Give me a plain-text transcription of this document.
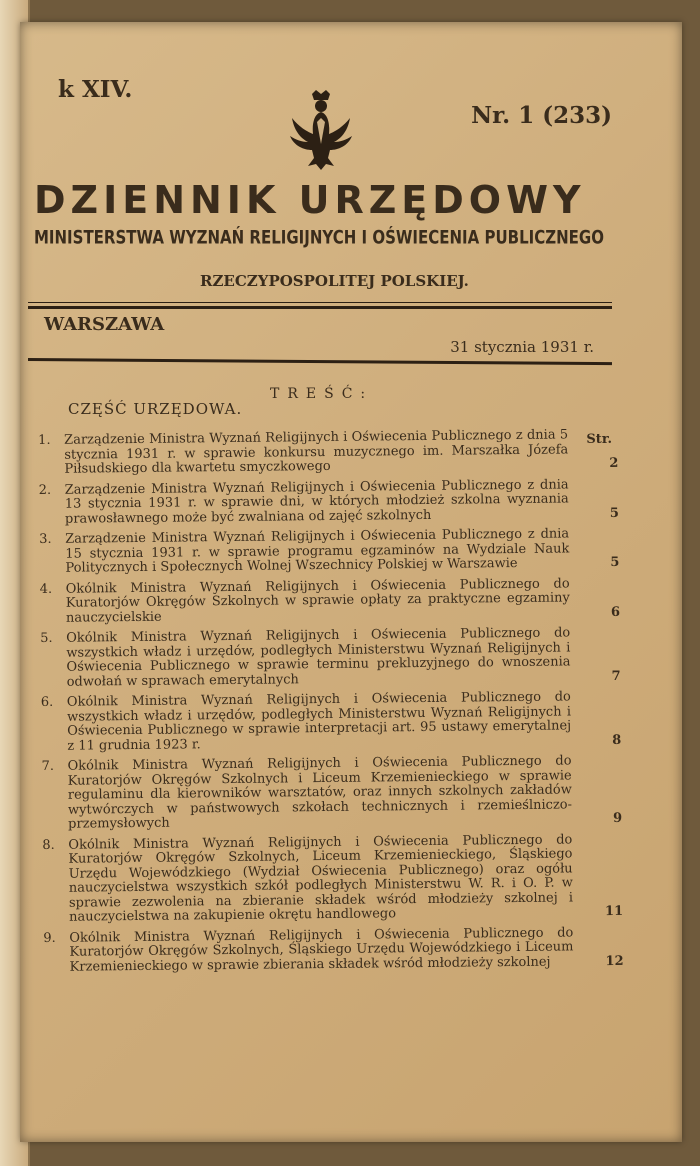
k XIV.
Nr. 1 (233)
DZIENNIK URZĘDOWY
MINISTERSTWA WYZNAŃ RELIGIJNYCH I OŚWIECENIA PUBLICZNEGO
RZECZYPOSPOLITEJ POLSKIEJ.
WARSZAWA
31 stycznia 1931 r.
TREŚĆ:
CZĘŚĆ URZĘDOWA.
Str.
1.	Zarządzenie Ministra Wyznań Religijnych i Oświecenia Publicznego z dnia 5 stycznia 1931 r. w sprawie konkursu muzycznego im. Marszałka Józefa Piłsudskiego dla kwartetu smyczkowego	2
2.	Zarządzenie Ministra Wyznań Religijnych i Oświecenia Publicznego z dnia 13 stycznia 1931 r. w sprawie dni, w których młodzież szkolna wyznania prawosławnego może być zwalniana od zajęć szkolnych	5
3.	Zarządzenie Ministra Wyznań Religijnych i Oświecenia Publicznego z dnia 15 stycznia 1931 r. w sprawie programu egzaminów na Wydziale Nauk Politycznych i Społecznych Wolnej Wszechnicy Polskiej w Warszawie	5
4.	Okólnik Ministra Wyznań Religijnych i Oświecenia Publicznego do Kuratorjów Okręgów Szkolnych w sprawie opłaty za praktyczne egzaminy nauczycielskie	6
5.	Okólnik Ministra Wyznań Religijnych i Oświecenia Publicznego do wszystkich władz i urzędów, podległych Ministerstwu Wyznań Religijnych i Oświecenia Publicznego w sprawie terminu prekluzyjnego do wnoszenia odwołań w sprawach emerytalnych	7
6.	Okólnik Ministra Wyznań Religijnych i Oświecenia Publicznego do wszystkich władz i urzędów, podległych Ministerstwu Wyznań Religijnych i Oświecenia Publicznego w sprawie interpretacji art. 95 ustawy emerytalnej z 11 grudnia 1923 r.	8
7.	Okólnik Ministra Wyznań Religijnych i Oświecenia Publicznego do Kuratorjów Okręgów Szkolnych i Liceum Krzemienieckiego w sprawie regulaminu dla kierowników warsztatów, oraz innych szkolnych zakładów wytwórczych w państwowych szkołach technicznych i rzemieślniczo-przemysłowych	9
8.	Okólnik Ministra Wyznań Religijnych i Oświecenia Publicznego do Kuratorjów Okręgów Szkolnych, Liceum Krzemienieckiego, Śląskiego Urzędu Wojewódzkiego (Wydział Oświecenia Publicznego) oraz ogółu nauczycielstwa wszystkich szkół podległych Ministerstwu W. R. i O. P. w sprawie zezwolenia na zbieranie składek wśród młodzieży szkolnej i nauczycielstwa na zakupienie okrętu handlowego	11
9.	Okólnik Ministra Wyznań Religijnych i Oświecenia Publicznego do Kuratorjów Okręgów Szkolnych, Śląskiego Urzędu Wojewódzkiego i Liceum Krzemienieckiego w sprawie zbierania składek wśród młodzieży szkolnej	12
